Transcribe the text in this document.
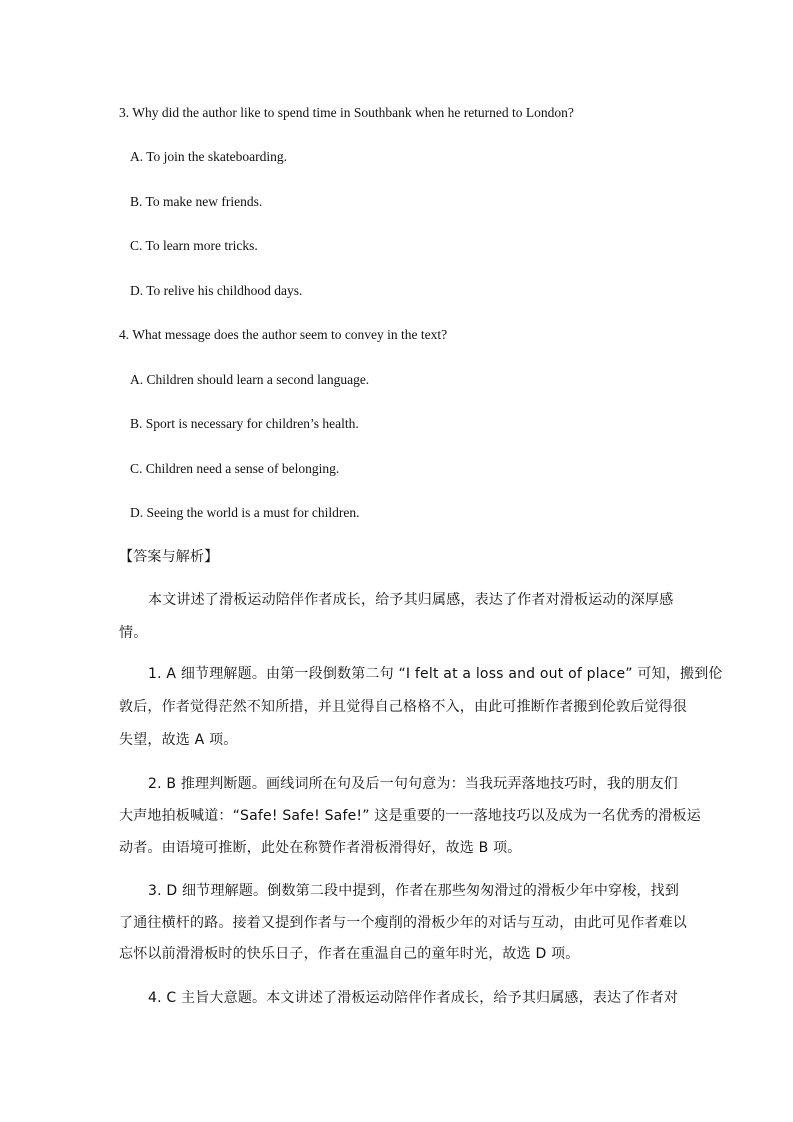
3. Why did the author like to spend time in Southbank when he returned to London?
A. To join the skateboarding.
B. To make new friends.
C. To learn more tricks.
D. To relive his childhood days.
4. What message does the author seem to convey in the text?
A. Children should learn a second language.
B. Sport is necessary for children’s health.
C. Children need a sense of belonging.
D. Seeing the world is a must for children.
【答案与解析】
本文讲述了滑板运动陪伴作者成长，给予其归属感，表达了作者对滑板运动的深厚感
情。
1. A 细节理解题。由第一段倒数第二句 “I felt at a loss and out of place” 可知，搬到伦
敦后，作者觉得茫然不知所措，并且觉得自己格格不入，由此可推断作者搬到伦敦后觉得很
失望，故选 A 项。
2. B 推理判断题。画线词所在句及后一句句意为：当我玩弄落地技巧时，我的朋友们
大声地拍板喊道：“Safe! Safe! Safe!” 这是重要的一一落地技巧以及成为一名优秀的滑板运
动者。由语境可推断，此处在称赞作者滑板滑得好，故选 B 项。
3. D 细节理解题。倒数第二段中提到，作者在那些匆匆滑过的滑板少年中穿梭，找到
了通往横杆的路。接着又提到作者与一个瘦削的滑板少年的对话与互动，由此可见作者难以
忘怀以前滑滑板时的快乐日子，作者在重温自己的童年时光，故选 D 项。
4. C 主旨大意题。本文讲述了滑板运动陪伴作者成长，给予其归属感，表达了作者对
